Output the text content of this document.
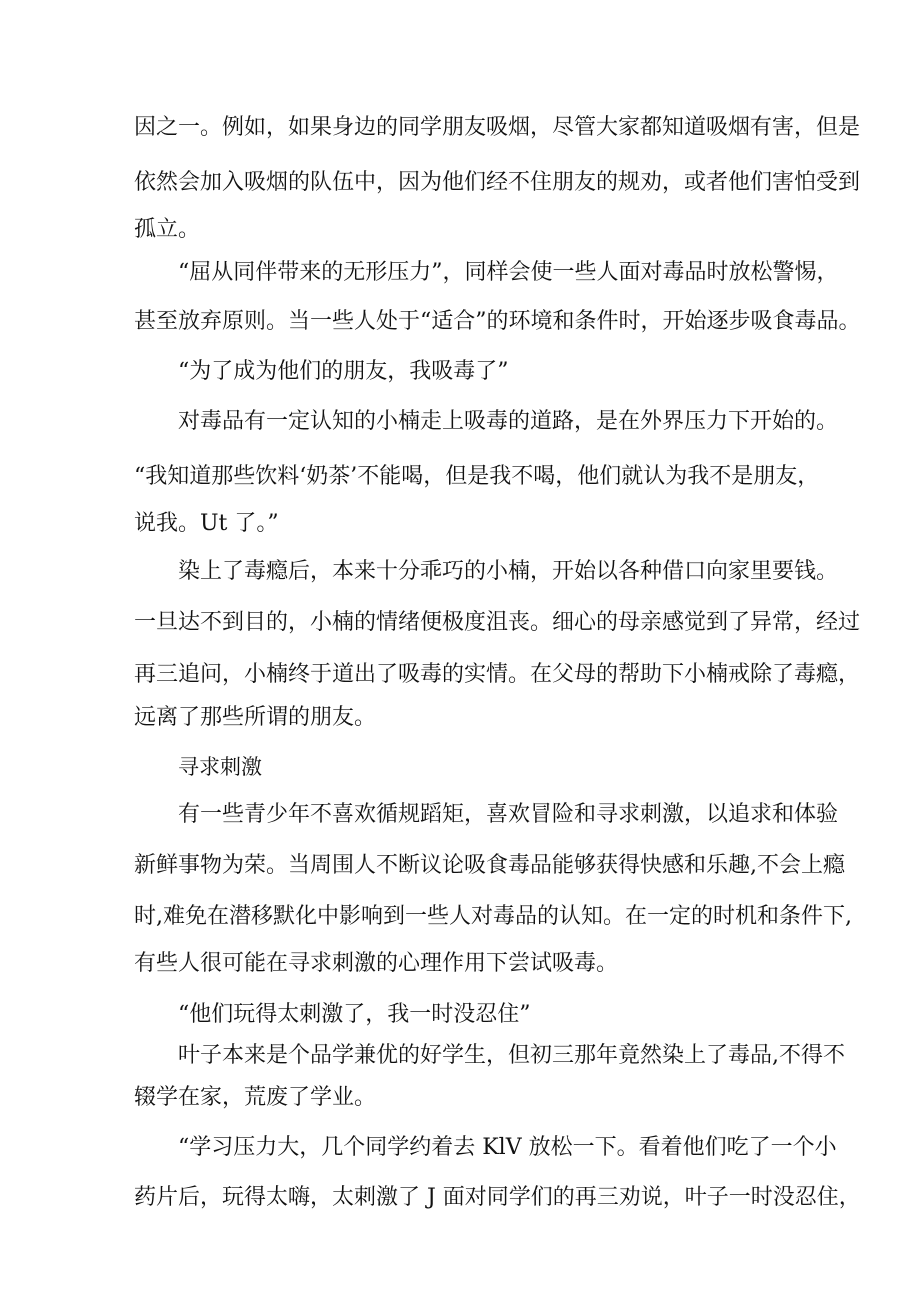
因之一。例如，如果身边的同学朋友吸烟，尽管大家都知道吸烟有害，但是
依然会加入吸烟的队伍中，因为他们经不住朋友的规劝，或者他们害怕受到
孤立。
“屈从同伴带来的无形压力”，同样会使一些人面对毒品时放松警惕，
甚至放弃原则。当一些人处于“适合”的环境和条件时，开始逐步吸食毒品。
“为了成为他们的朋友，我吸毒了”
对毒品有一定认知的小楠走上吸毒的道路，是在外界压力下开始的。
“我知道那些饮料‘奶茶’不能喝，但是我不喝，他们就认为我不是朋友，
说我。Ut 了。”
染上了毒瘾后，本来十分乖巧的小楠，开始以各种借口向家里要钱。
一旦达不到目的，小楠的情绪便极度沮丧。细心的母亲感觉到了异常，经过
再三追问，小楠终于道出了吸毒的实情。在父母的帮助下小楠戒除了毒瘾，
远离了那些所谓的朋友。
寻求刺激
有一些青少年不喜欢循规蹈矩，喜欢冒险和寻求刺激，以追求和体验
新鲜事物为荣。当周围人不断议论吸食毒品能够获得快感和乐趣,不会上瘾
时,难免在潜移默化中影响到一些人对毒品的认知。在一定的时机和条件下,
有些人很可能在寻求刺激的心理作用下尝试吸毒。
“他们玩得太刺激了，我一时没忍住”
叶子本来是个品学兼优的好学生，但初三那年竟然染上了毒品,不得不
辍学在家，荒废了学业。
“学习压力大，几个同学约着去 KlV 放松一下。看着他们吃了一个小
药片后，玩得太嗨，太刺激了 J 面对同学们的再三劝说，叶子一时没忍住，
